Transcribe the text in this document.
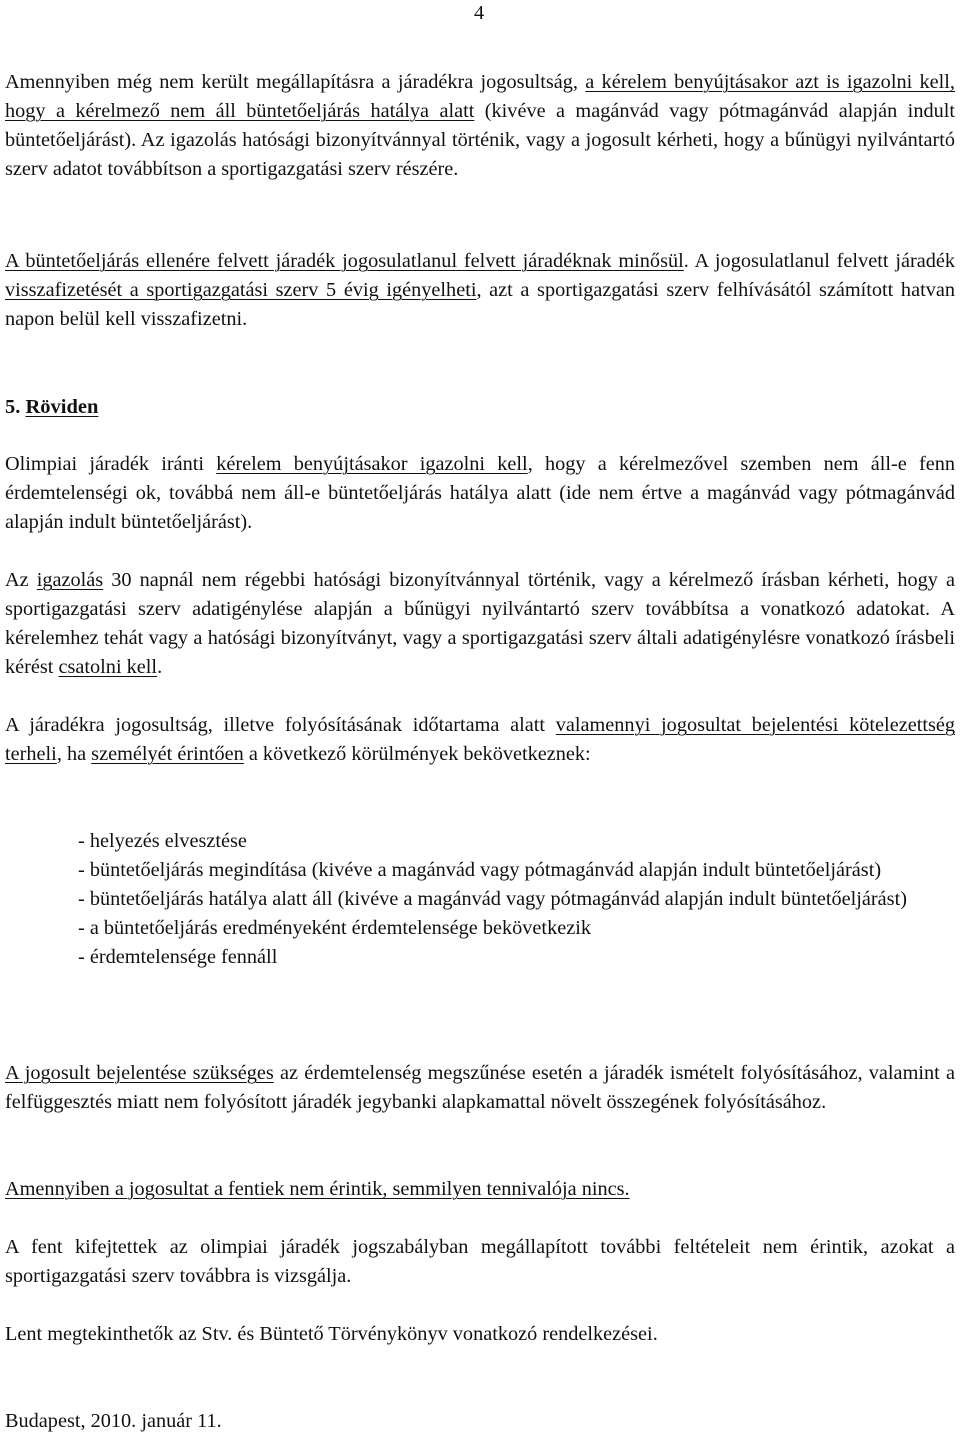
4

Amennyiben még nem került megállapításra a járadékra jogosultság, a kérelem benyújtásakor azt is igazolni kell, hogy a kérelmező nem áll büntetőeljárás hatálya alatt (kivéve a magánvád vagy pótmagánvád alapján indult büntetőeljárást). Az igazolás hatósági bizonyítvánnyal történik, vagy a jogosult kérheti, hogy a bűnügyi nyilvántartó szerv adatot továbbítson a sportigazgatási szerv részére.

A büntetőeljárás ellenére felvett járadék jogosulatlanul felvett járadéknak minősül. A jogosulatlanul felvett járadék visszafizetését a sportigazgatási szerv 5 évig igényelheti, azt a sportigazgatási szerv felhívásától számított hatvan napon belül kell visszafizetni.

5. Röviden

Olimpiai járadék iránti kérelem benyújtásakor igazolni kell, hogy a kérelmezővel szemben nem áll-e fenn érdemtelenségi ok, továbbá nem áll-e büntetőeljárás hatálya alatt (ide nem értve a magánvád vagy pótmagánvád alapján indult büntetőeljárást).

Az igazolás 30 napnál nem régebbi hatósági bizonyítvánnyal történik, vagy a kérelmező írásban kérheti, hogy a sportigazgatási szerv adatigénylése alapján a bűnügyi nyilvántartó szerv továbbítsa a vonatkozó adatokat. A kérelemhez tehát vagy a hatósági bizonyítványt, vagy a sportigazgatási szerv általi adatigénylésre vonatkozó írásbeli kérést csatolni kell.

A járadékra jogosultság, illetve folyósításának időtartama alatt valamennyi jogosultat bejelentési kötelezettség terheli, ha személyét érintően a következő körülmények bekövetkeznek:

- helyezés elvesztése

- büntetőeljárás megindítása (kivéve a magánvád vagy pótmagánvád alapján indult büntetőeljárást)

- büntetőeljárás hatálya alatt áll (kivéve a magánvád vagy pótmagánvád alapján indult büntetőeljárást)

- a büntetőeljárás eredményeként érdemtelensége bekövetkezik

- érdemtelensége fennáll

A jogosult bejelentése szükséges az érdemtelenség megszűnése esetén a járadék ismételt folyósításához, valamint a felfüggesztés miatt nem folyósított járadék jegybanki alapkamattal növelt összegének folyósításához.

Amennyiben a jogosultat a fentiek nem érintik, semmilyen tennivalója nincs.

A fent kifejtettek az olimpiai járadék jogszabályban megállapított további feltételeit nem érintik, azokat a sportigazgatási szerv továbbra is vizsgálja.

Lent megtekinthetők az Stv. és Büntető Törvénykönyv vonatkozó rendelkezései.

Budapest, 2010. január 11.
